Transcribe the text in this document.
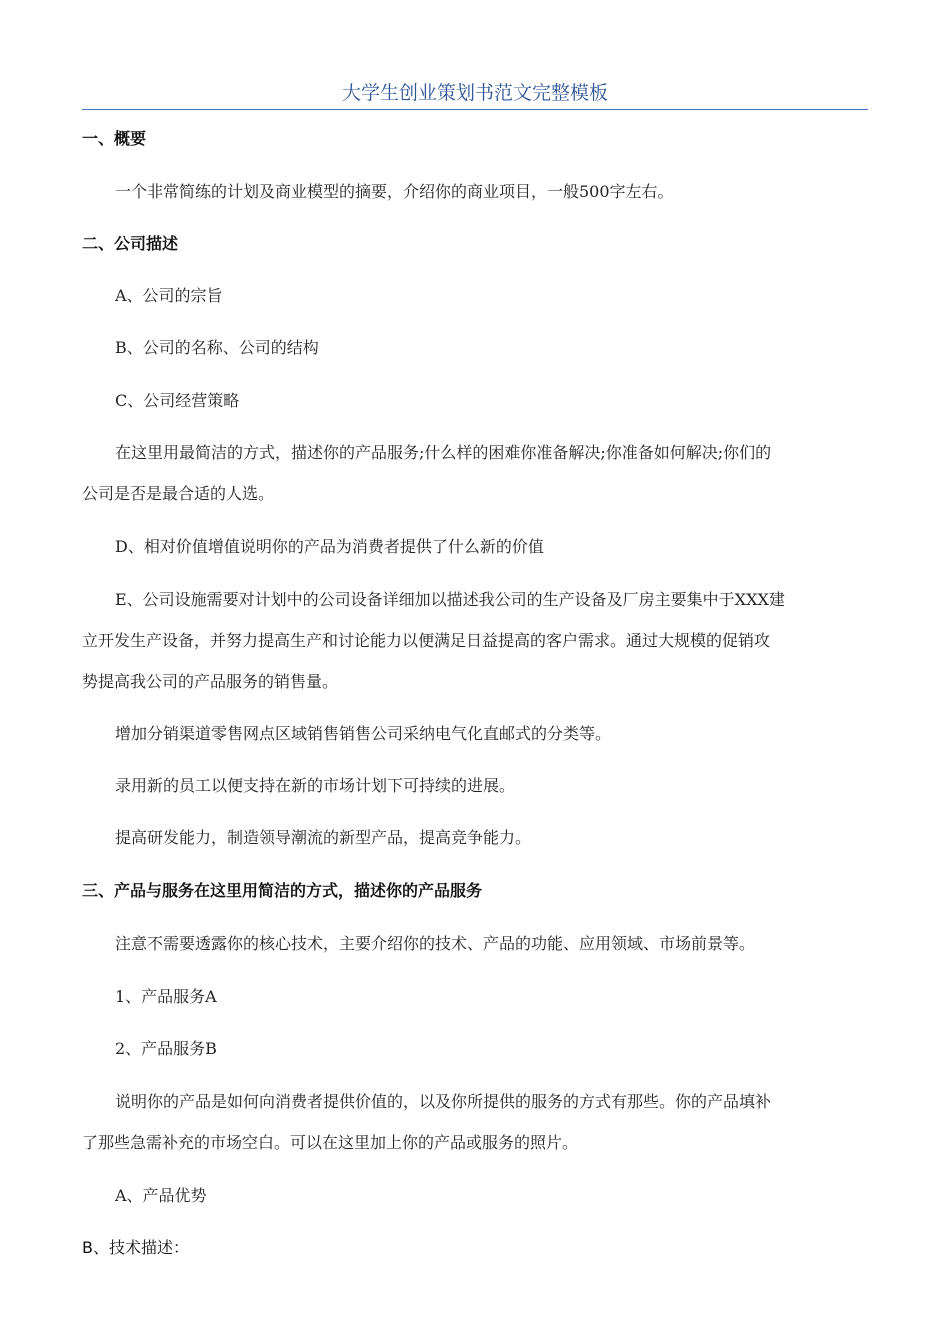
大学生创业策划书范文完整模板
一、概要
一个非常简练的计划及商业模型的摘要，介绍你的商业项目，一般500字左右。
二、公司描述
A、公司的宗旨
B、公司的名称、公司的结构
C、公司经营策略
在这里用最简洁的方式，描述你的产品服务;什么样的困难你准备解决;你准备如何解决;你们的
公司是否是最合适的人选。
D、相对价值增值说明你的产品为消费者提供了什么新的价值
E、公司设施需要对计划中的公司设备详细加以描述我公司的生产设备及厂房主要集中于XXX建
立开发生产设备，并努力提高生产和讨论能力以便满足日益提高的客户需求。通过大规模的促销攻
势提高我公司的产品服务的销售量。
增加分销渠道零售网点区域销售销售公司采纳电气化直邮式的分类等。
录用新的员工以便支持在新的市场计划下可持续的进展。
提高研发能力，制造领导潮流的新型产品，提高竞争能力。
三、产品与服务在这里用简洁的方式，描述你的产品服务
注意不需要透露你的核心技术，主要介绍你的技术、产品的功能、应用领域、市场前景等。
1、产品服务A
2、产品服务B
说明你的产品是如何向消费者提供价值的，以及你所提供的服务的方式有那些。你的产品填补
了那些急需补充的市场空白。可以在这里加上你的产品或服务的照片。
A、产品优势
B、技术描述：
